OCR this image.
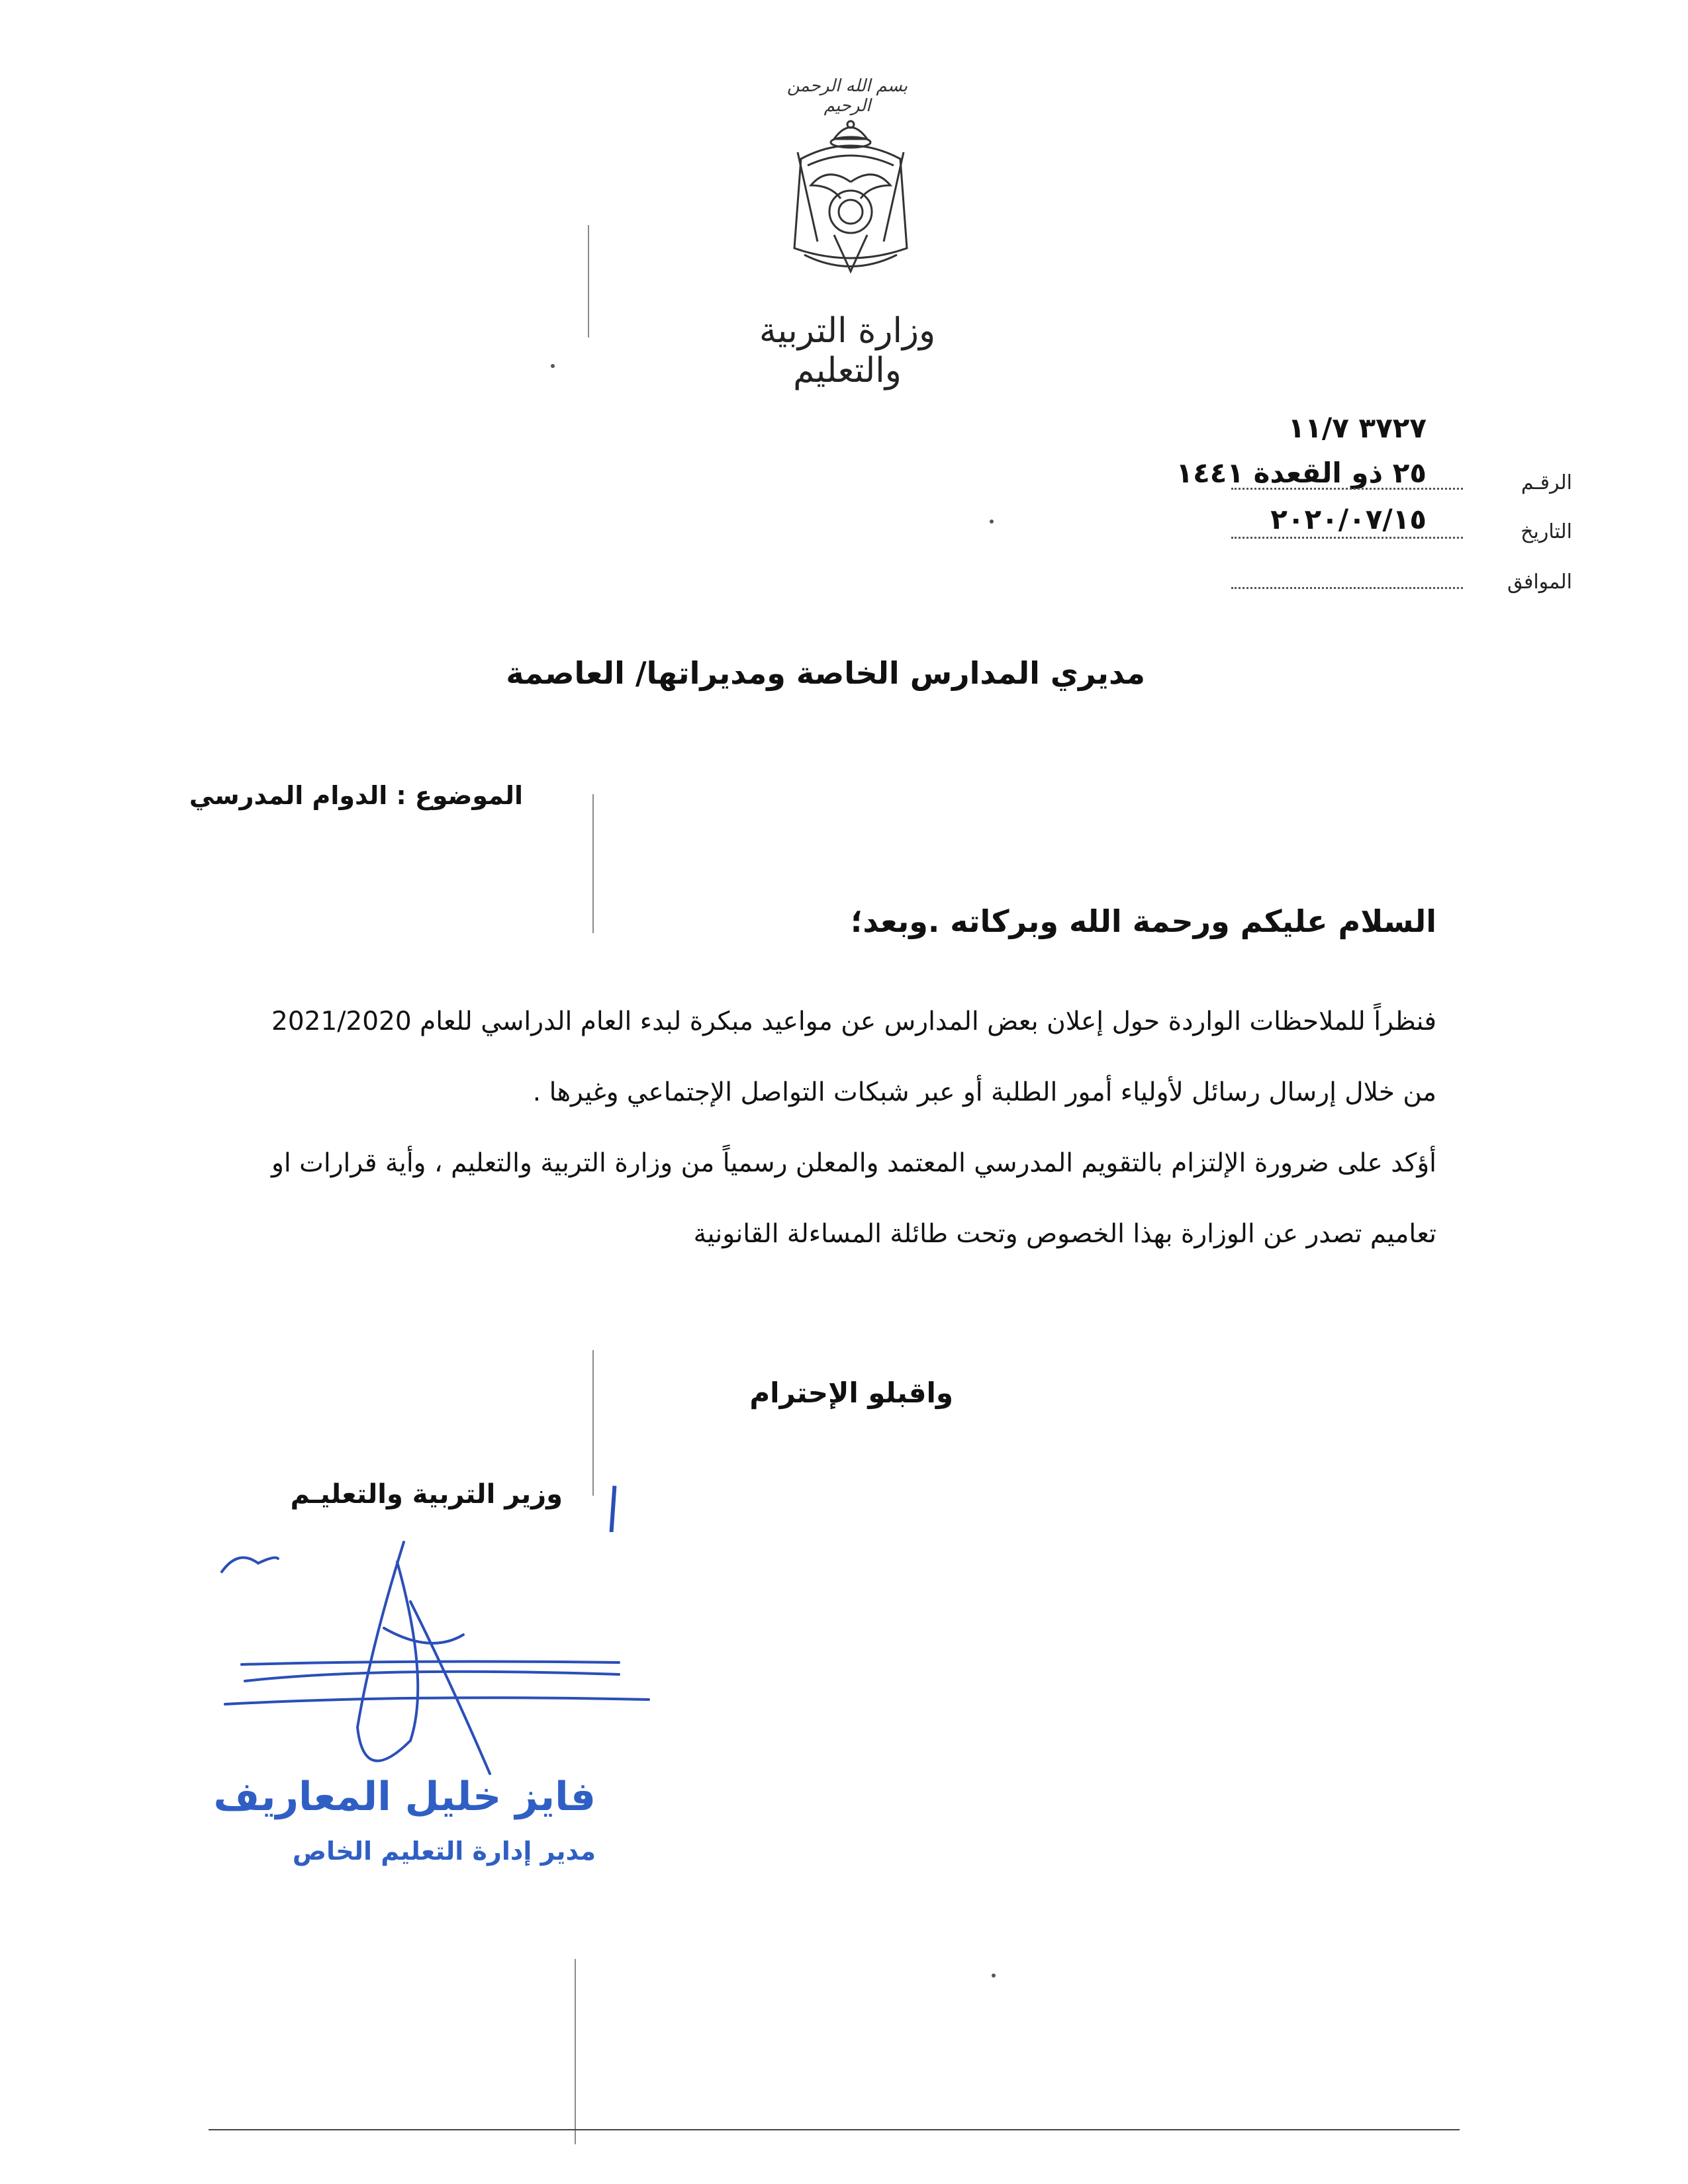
بسم الله الرحمن الرحيم
وزارة التربية والتعليم
٣٧٢٧ ١١/٧
٢٥ ذو القعدة ١٤٤١
٢٠٢٠/٠٧/١٥
الرقـم
التاريخ
الموافق
مديري المدارس الخاصة ومديراتها/ العاصمة
الموضوع : الدوام المدرسي
السلام عليكم ورحمة الله وبركاته .وبعد؛

فنظراً للملاحظات الواردة حول إعلان بعض المدارس عن مواعيد مبكرة لبدء العام الدراسي للعام 2021/2020 من خلال إرسال رسائل لأولياء أمور الطلبة أو عبر شبكات التواصل الإجتماعي وغيرها .

أؤكد على ضرورة الإلتزام بالتقويم المدرسي المعتمد والمعلن رسمياً من وزارة التربية والتعليم ، وأية قرارات او تعاميم تصدر عن الوزارة بهذا الخصوص وتحت طائلة المساءلة القانونية

واقبلو الإحترام
وزير التربية والتعليـم
فايز خليل المعاريف
مدير إدارة التعليم الخاص
